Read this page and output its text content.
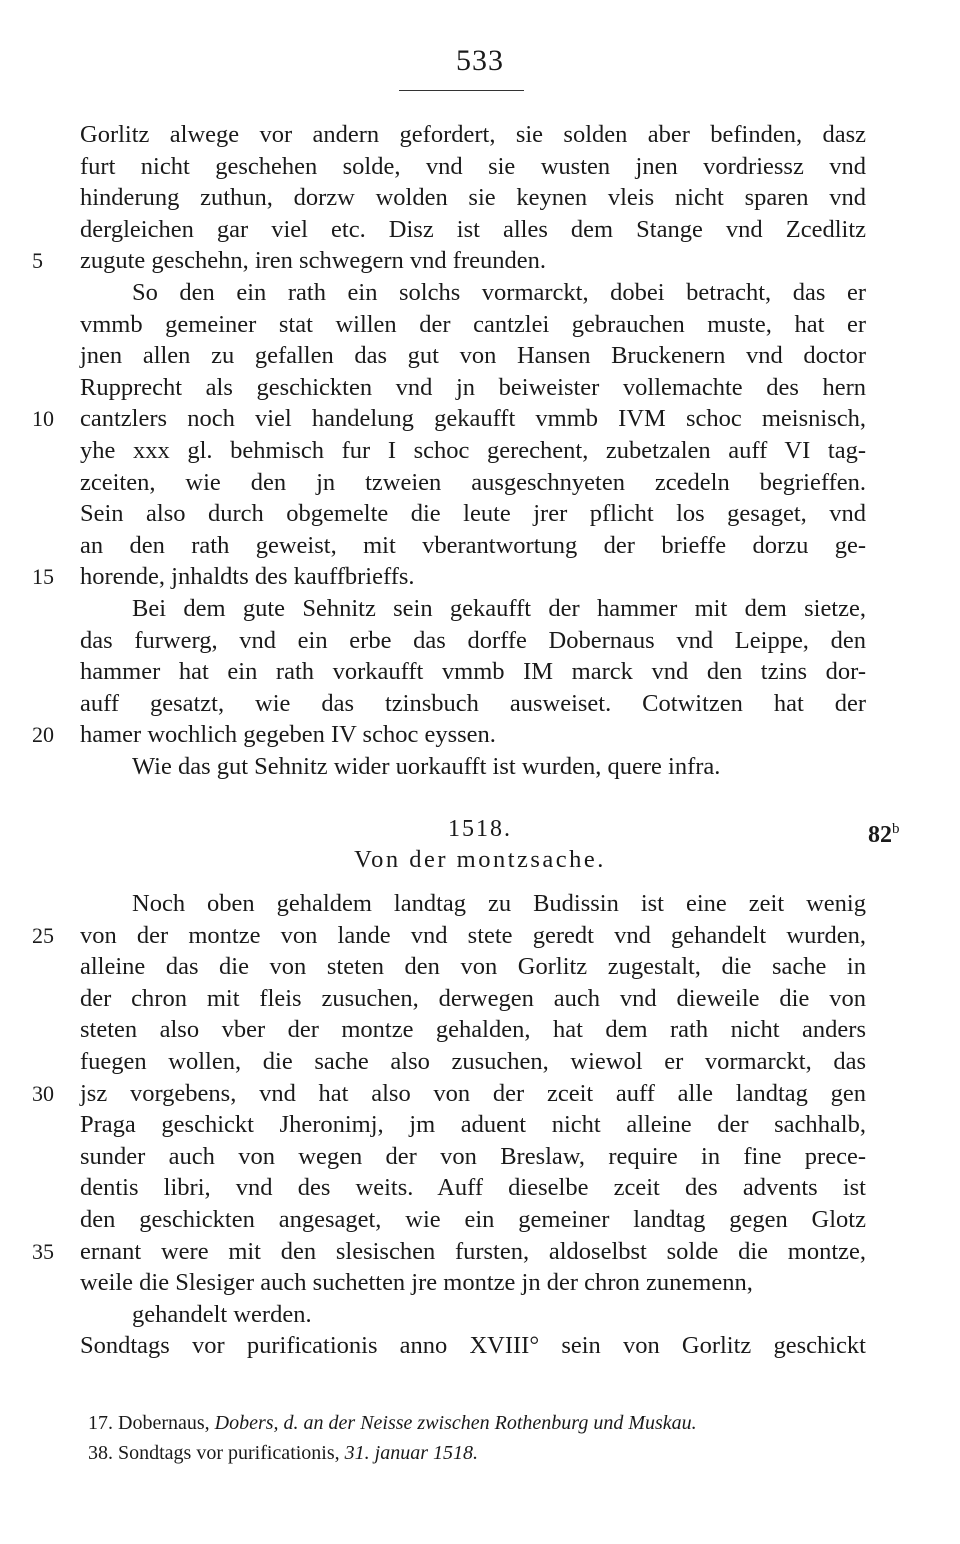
533
Gorlitz alwege vor andern gefordert, sie solden aber befinden, dasz
furt nicht geschehen solde, vnd sie wusten jnen vordriessz vnd
hinderung zuthun, dorzw wolden sie keynen vleis nicht sparen vnd
dergleichen gar viel etc. Disz ist alles dem Stange vnd Zcedlitz
zugute geschehn, iren schwegern vnd freunden.
5
So den ein rath ein solchs vormarckt, dobei betracht, das er
vmmb gemeiner stat willen der cantzlei gebrauchen muste, hat er
jnen allen zu gefallen das gut von Hansen Bruckenern vnd doctor
Rupprecht als geschickten vnd jn beiweister vollemachte des hern
cantzlers noch viel handelung gekaufft vmmb IVM schoc meisnisch,
10
yhe xxx gl. behmisch fur I schoc gerechent, zubetzalen auff VI tag-
zceiten, wie den jn tzweien ausgeschnyeten zcedeln begrieffen.
Sein also durch obgemelte die leute jrer pflicht los gesaget, vnd
an den rath geweist, mit vberantwortung der brieffe dorzu ge-
horende, jnhaldts des kauffbrieffs.
15
Bei dem gute Sehnitz sein gekaufft der hammer mit dem sietze,
das furwerg, vnd ein erbe das dorffe Dobernaus vnd Leippe, den
hammer hat ein rath vorkaufft vmmb IM marck vnd den tzins dor-
auff gesatzt, wie das tzinsbuch ausweiset. Cotwitzen hat der
hamer wochlich gegeben IV schoc eyssen.
20
Wie das gut Sehnitz wider uorkaufft ist wurden, quere infra.
1518.	82$^b$
Von der montzsache.
Noch oben gehaldem landtag zu Budissin ist eine zeit wenig
von der montze von lande vnd stete geredt vnd gehandelt wurden,
25
alleine das die von steten den von Gorlitz zugestalt, die sache in
der chron mit fleis zusuchen, derwegen auch vnd dieweile die von
steten also vber der montze gehalden, hat dem rath nicht anders
fuegen wollen, die sache also zusuchen, wiewol er vormarckt, das
jsz vorgebens, vnd hat also von der zceit auff alle landtag gen
30
Praga geschickt Jheronimj, jm aduent nicht alleine der sachhalb,
sunder auch von wegen der von Breslaw, require in fine prece-
dentis libri, vnd des weits. Auff dieselbe zceit des advents ist
den geschickten angesaget, wie ein gemeiner landtag gegen Glotz
ernant were mit den slesischen fursten, aldoselbst solde die montze,
35
weile die Slesiger auch suchetten jre montze jn der chron zunemenn,
gehandelt werden.
Sondtags vor purificationis anno XVIII° sein von Gorlitz geschickt
17. Dobernaus, Dobers, d. an der Neisse zwischen Rothenburg und Muskau.
38. Sondtags vor purificationis, 31. januar 1518.
